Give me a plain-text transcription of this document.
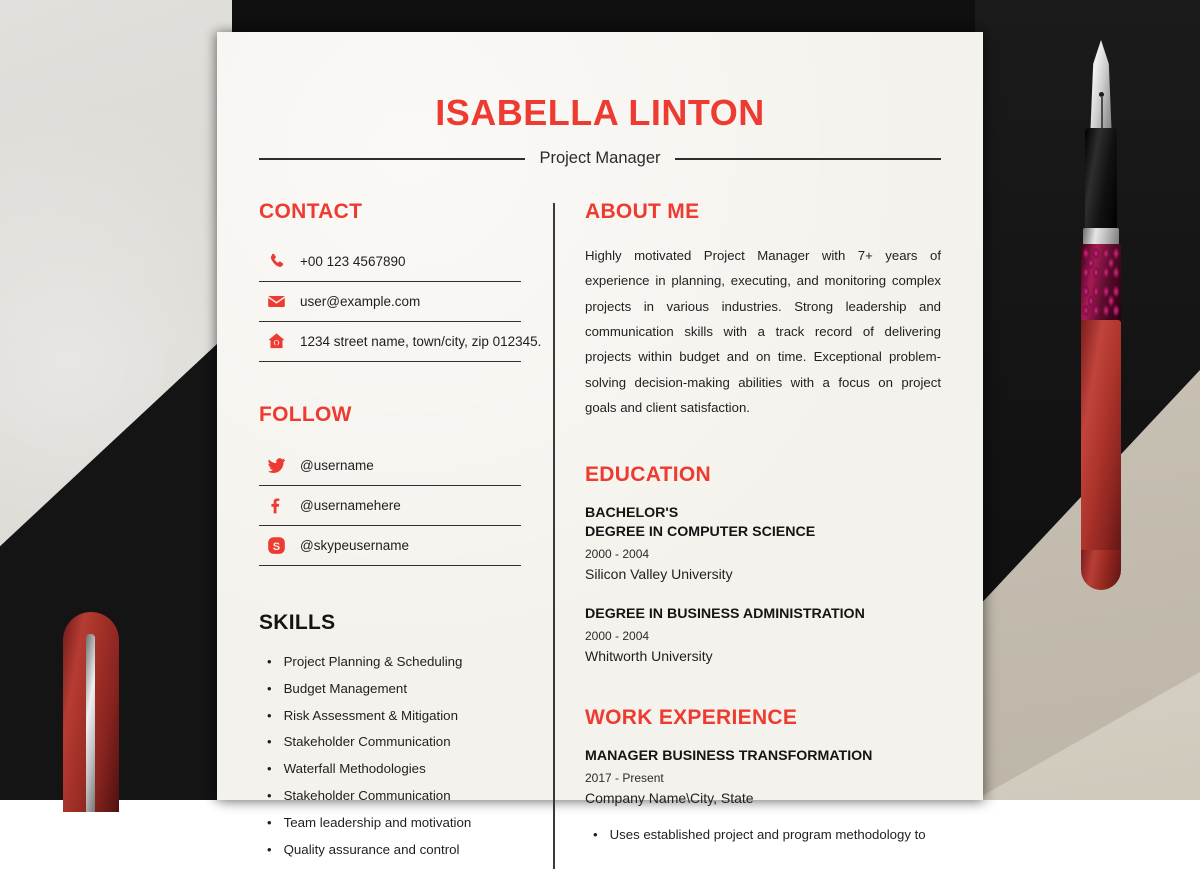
ISABELLA LINTON
Project Manager
CONTACT
+00 123 4567890
user@example.com
1234 street name, town/city, zip 012345.
FOLLOW
@username
@usernamehere
S @skypeusername
SKILLS
• Project Planning & Scheduling
• Budget Management
• Risk Assessment & Mitigation
• Stakeholder Communication
• Waterfall Methodologies
• Stakeholder Communication
• Team leadership and motivation
• Quality assurance and control
ABOUT ME
Highly motivated Project Manager with 7+ years of experience in planning, executing, and monitoring complex projects in various industries. Strong leadership and communication skills with a track record of delivering projects within budget and on time. Exceptional problem-solving decision-making abilities with a focus on project goals and client satisfaction.
EDUCATION
BACHELOR'S
DEGREE IN COMPUTER SCIENCE
2000 - 2004
Silicon Valley University
DEGREE IN BUSINESS ADMINISTRATION
2000 - 2004
Whitworth University
WORK EXPERIENCE
MANAGER BUSINESS TRANSFORMATION
2017 - Present
Company Name\City, State
• Uses established project and program methodology to
